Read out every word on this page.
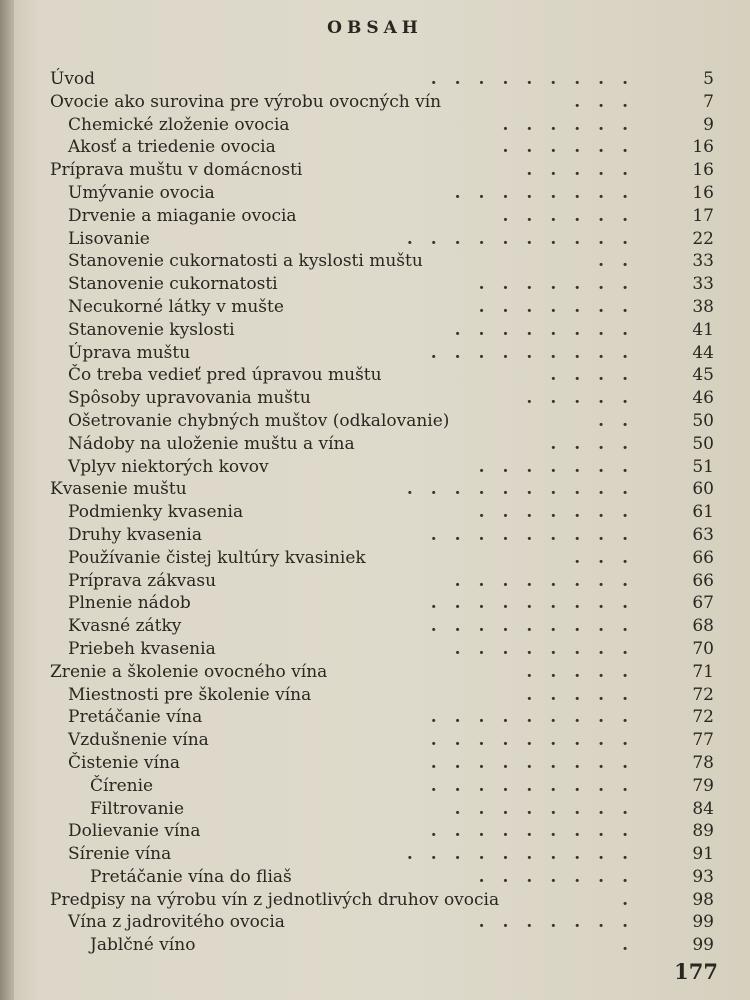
OBSAH
Úvod	.........	5
Ovocie ako surovina pre výrobu ovocných vín	...	7
Chemické zloženie ovocia	......	9
Akosť a triedenie ovocia	......	16
Príprava muštu v domácnosti	.....	16
Umývanie ovocia	........	16
Drvenie a miaganie ovocia	......	17
Lisovanie	..........	22
Stanovenie cukornatosti a kyslosti muštu	..	33
Stanovenie cukornatosti	.......	33
Necukorné látky v mušte	.......	38
Stanovenie kyslosti	........	41
Úprava muštu	.........	44
Čo treba vedieť pred úpravou muštu	....	45
Spôsoby upravovania muštu	.....	46
Ošetrovanie chybných muštov (odkalovanie)	..	50
Nádoby na uloženie muštu a vína	....	50
Vplyv niektorých kovov	.......	51
Kvasenie muštu	..........	60
Podmienky kvasenia	.......	61
Druhy kvasenia	.........	63
Používanie čistej kultúry kvasiniek	...	66
Príprava zákvasu	........	66
Plnenie nádob	.........	67
Kvasné zátky	.........	68
Priebeh kvasenia	........	70
Zrenie a školenie ovocného vína	.....	71
Miestnosti pre školenie vína	.....	72
Pretáčanie vína	.........	72
Vzdušnenie vína	.........	77
Čistenie vína	.........	78
Čírenie	.........	79
Filtrovanie	........	84
Dolievanie vína	.........	89
Sírenie vína	..........	91
Pretáčanie vína do fliaš	.......	93
Predpisy na výrobu vín z jednotlivých druhov ovocia	.	98
Vína z jadrovitého ovocia	.......	99
Jablčné víno	.	99
177
